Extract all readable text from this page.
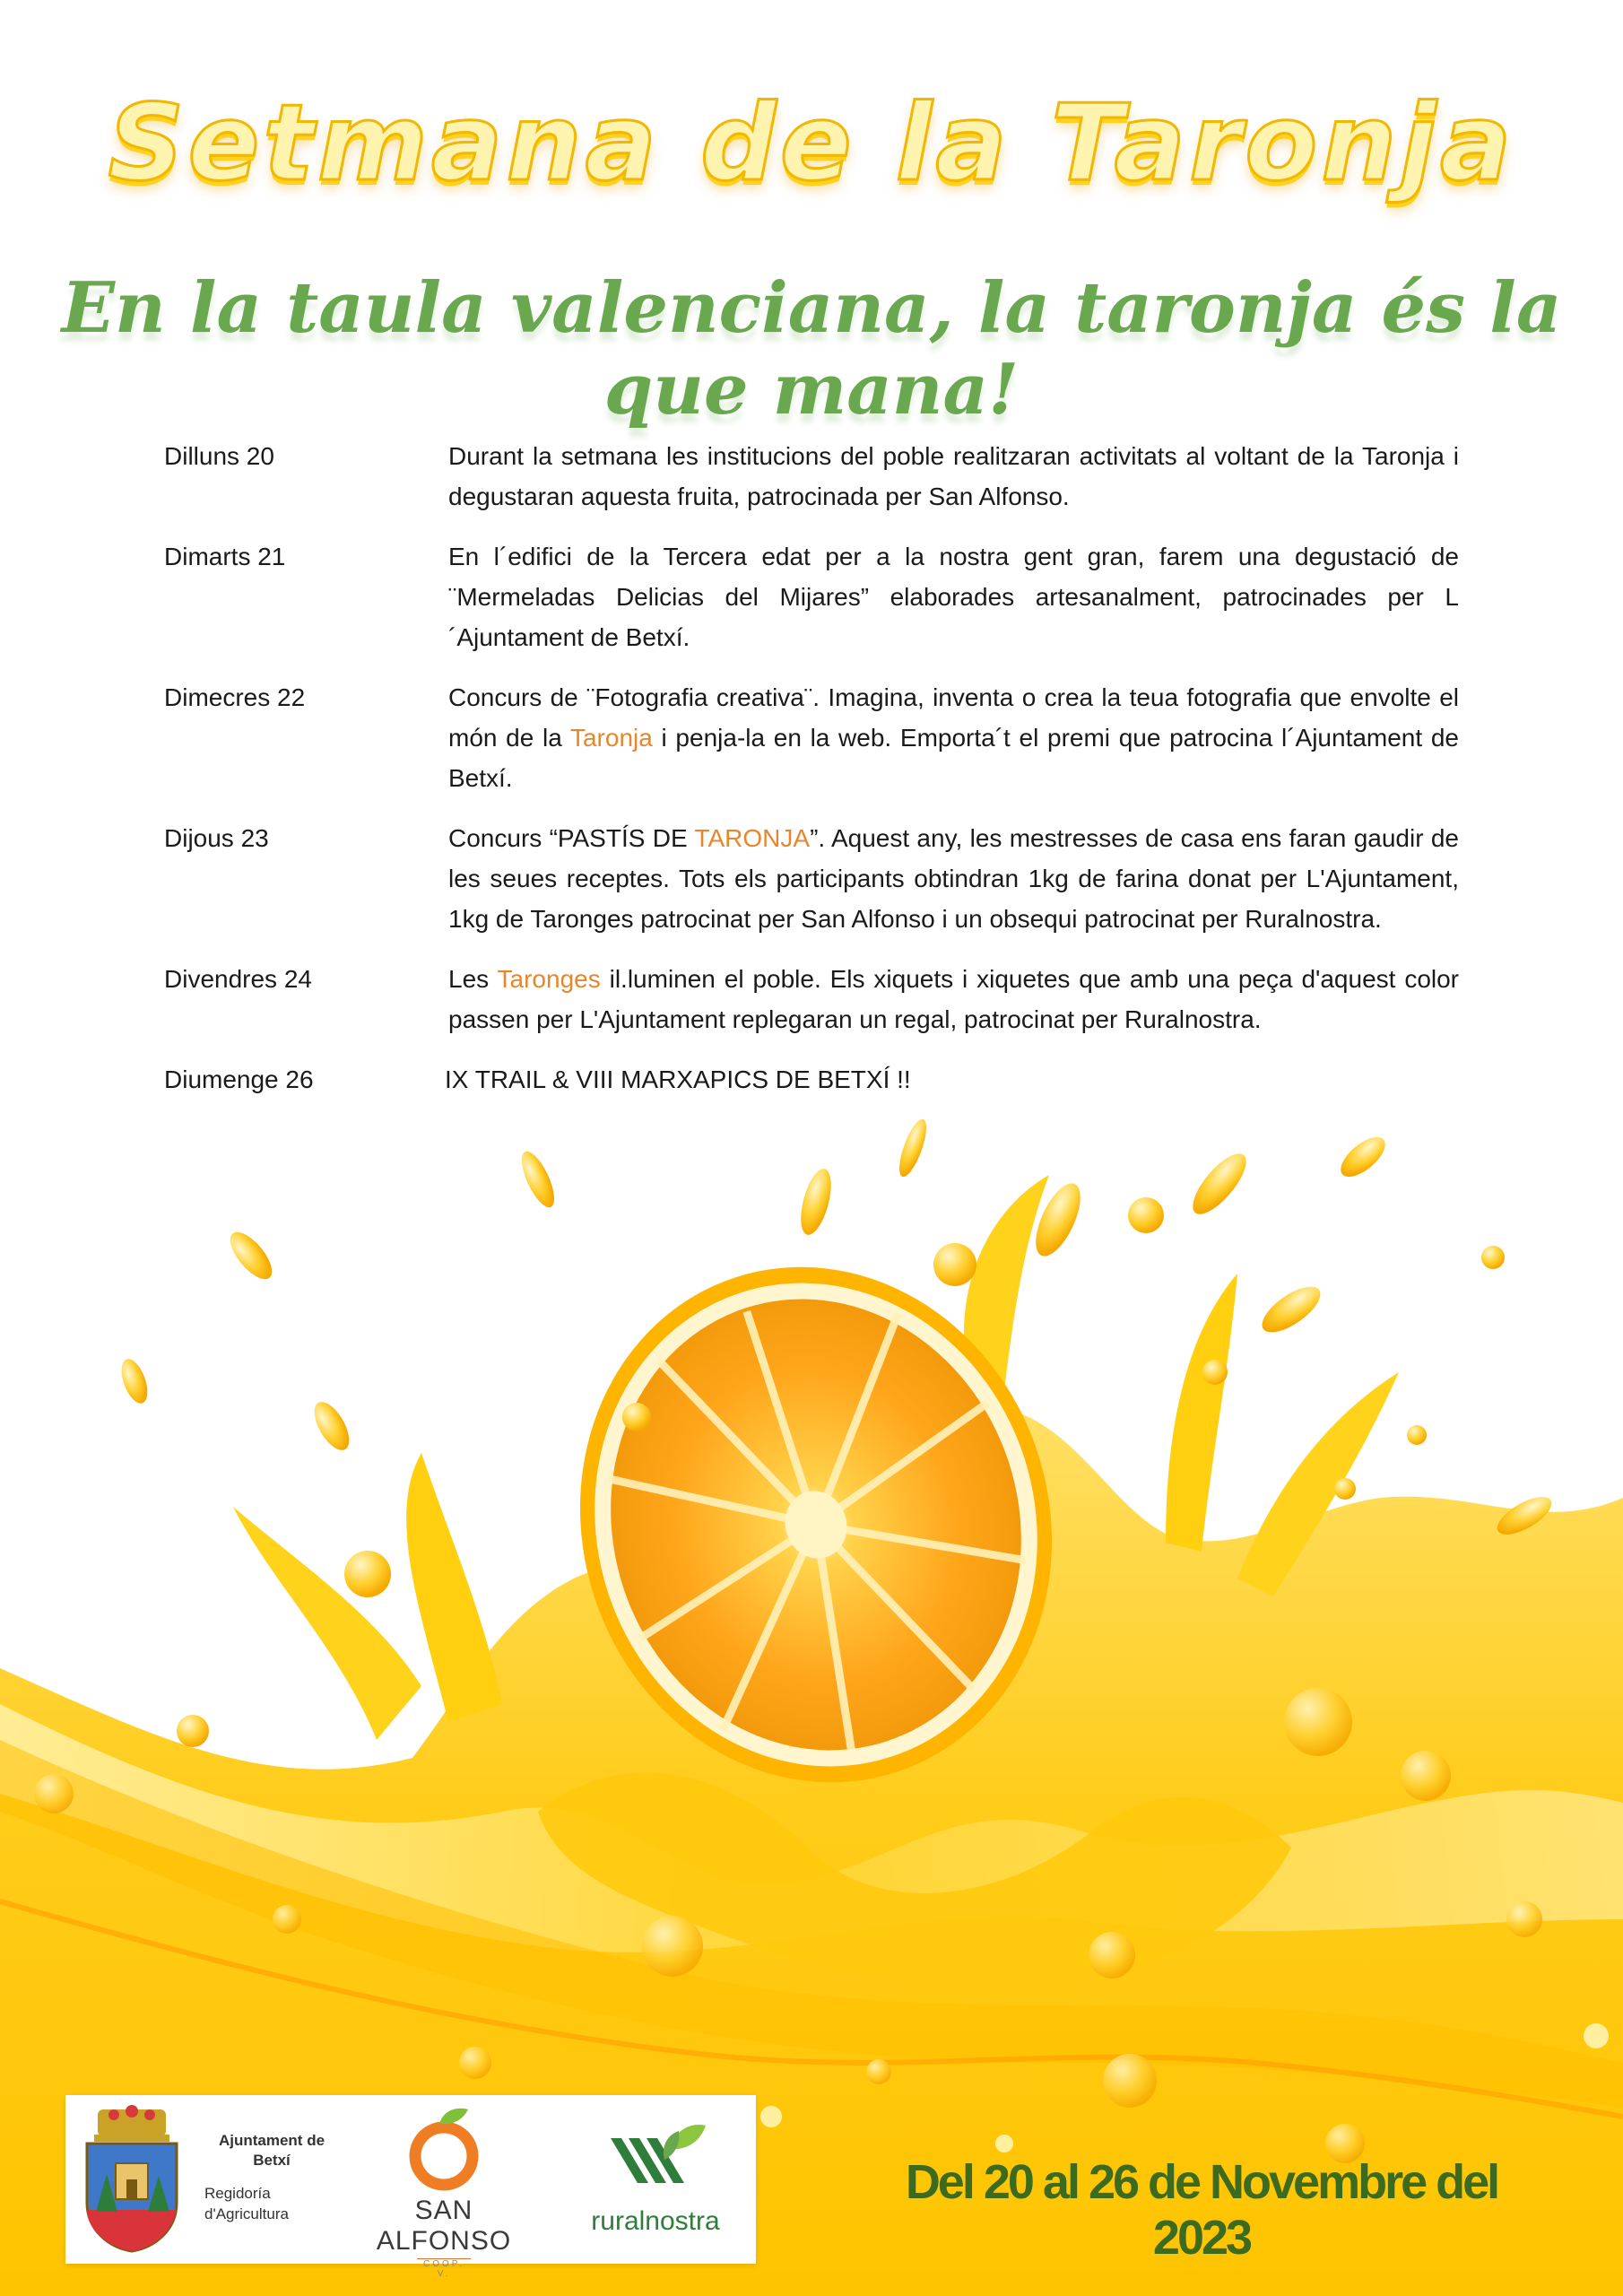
Setmana de la Taronja
En la taula valenciana, la taronja és la que mana!
Dilluns 20	Durant la setmana les institucions del poble realitzaran activitats al voltant de la Taronja i degustaran aquesta fruita, patrocinada per San Alfonso.
Dimarts 21	En l´edifici de la Tercera edat per a la nostra gent gran, farem una degustació de ¨Mermeladas Delicias del Mijares” elaborades artesanalment, patrocinades per L´Ajuntament de Betxí.
Dimecres 22	Concurs de ¨Fotografia creativa¨. Imagina, inventa o crea la teua fotografia que envolte el món de la Taronja i penja-la en la web. Emporta´t el premi que patrocina l´Ajuntament de Betxí.
Dijous 23	Concurs “PASTÍS DE TARONJA”. Aquest any, les mestresses de casa ens faran gaudir de les seues receptes. Tots els participants obtindran 1kg de farina donat per L'Ajuntament, 1kg de Taronges patrocinat per San Alfonso i un obsequi patrocinat per Ruralnostra.
Divendres 24	Les Taronges il.luminen el poble. Els xiquets i xiquetes que amb una peça d'aquest color passen per L'Ajuntament replegaran un regal, patrocinat per Ruralnostra.
Diumenge 26	IX TRAIL & VIII MARXAPICS DE BETXÍ !!
Ajuntament de Betxí
Regidoría d'Agricultura	SAN ALFONSO
COOP. V.
ruralnostra
Del 20 al 26 de Novembre del 2023
